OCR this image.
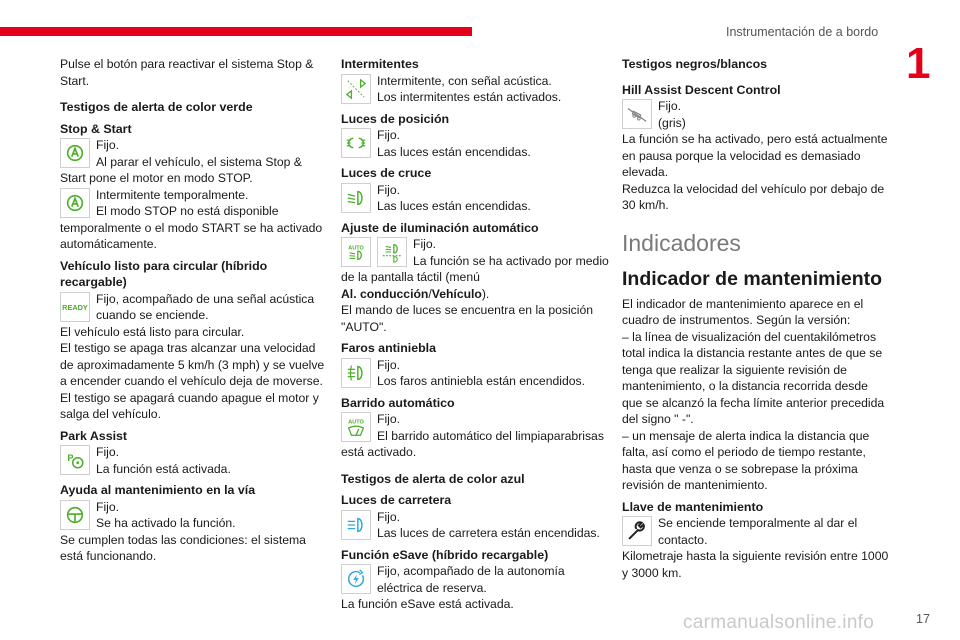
Instrumentación de a bordo
1

Pulse el botón para reactivar el sistema Stop & Start.

Testigos de alerta de color verde

Stop & Start

Fijo.

Al parar el vehículo, el sistema Stop & Start pone el motor en modo STOP.

Intermitente temporalmente.

El modo STOP no está disponible temporalmente o el modo START se ha activado automáticamente.

Vehículo listo para circular (híbrido recargable)

READY

Fijo, acompañado de una señal acústica cuando se enciende.

El vehículo está listo para circular.

El testigo se apaga tras alcanzar una velocidad de aproximadamente 5 km/h (3 mph) y se vuelve a encender cuando el vehículo deja de moverse.

El testigo se apagará cuando apague el motor y salga del vehículo.

Park Assist

P	Fijo.

La función está activada.

Ayuda al mantenimiento en la vía

Fijo.

Se ha activado la función.

Se cumplen todas las condiciones: el sistema está funcionando.

Intermitentes

Intermitente, con señal acústica.

Los intermitentes están activados.

Luces de posición

Fijo.

Las luces están encendidas.

Luces de cruce

Fijo.

Las luces están encendidas.

Ajuste de iluminación automático

AUTO	Fijo.

La función se ha activado por medio de la pantalla táctil (menú

Al. conducción/Vehículo).

El mando de luces se encuentra en la posición "AUTO".

Faros antiniebla

Fijo.

Los faros antiniebla están encendidos.

Barrido automático

AUTO	Fijo.

El barrido automático del limpiaparabrisas está activado.

Testigos de alerta de color azul

Luces de carretera

Fijo.

Las luces de carretera están encendidas.

Función eSave (híbrido recargable)

Fijo, acompañado de la autonomía eléctrica de reserva.

La función eSave está activada.

Testigos negros/blancos

Hill Assist Descent Control

Fijo.

(gris)

La función se ha activado, pero está actualmente en pausa porque la velocidad es demasiado elevada.

Reduzca la velocidad del vehículo por debajo de 30 km/h.

Indicadores

Indicador de mantenimiento

El indicador de mantenimiento aparece en el cuadro de instrumentos. Según la versión:

– la línea de visualización del cuentakilómetros total indica la distancia restante antes de que se tenga que realizar la siguiente revisión de mantenimiento, o la distancia recorrida desde que se alcanzó la fecha límite anterior precedida del signo " -".

– un mensaje de alerta indica la distancia que falta, así como el periodo de tiempo restante, hasta que venza o se sobrepase la próxima revisión de mantenimiento.

Llave de mantenimiento

Se enciende temporalmente al dar el contacto.

Kilometraje hasta la siguiente revisión entre 1000 y 3000 km.

carmanualsonline.info	17
